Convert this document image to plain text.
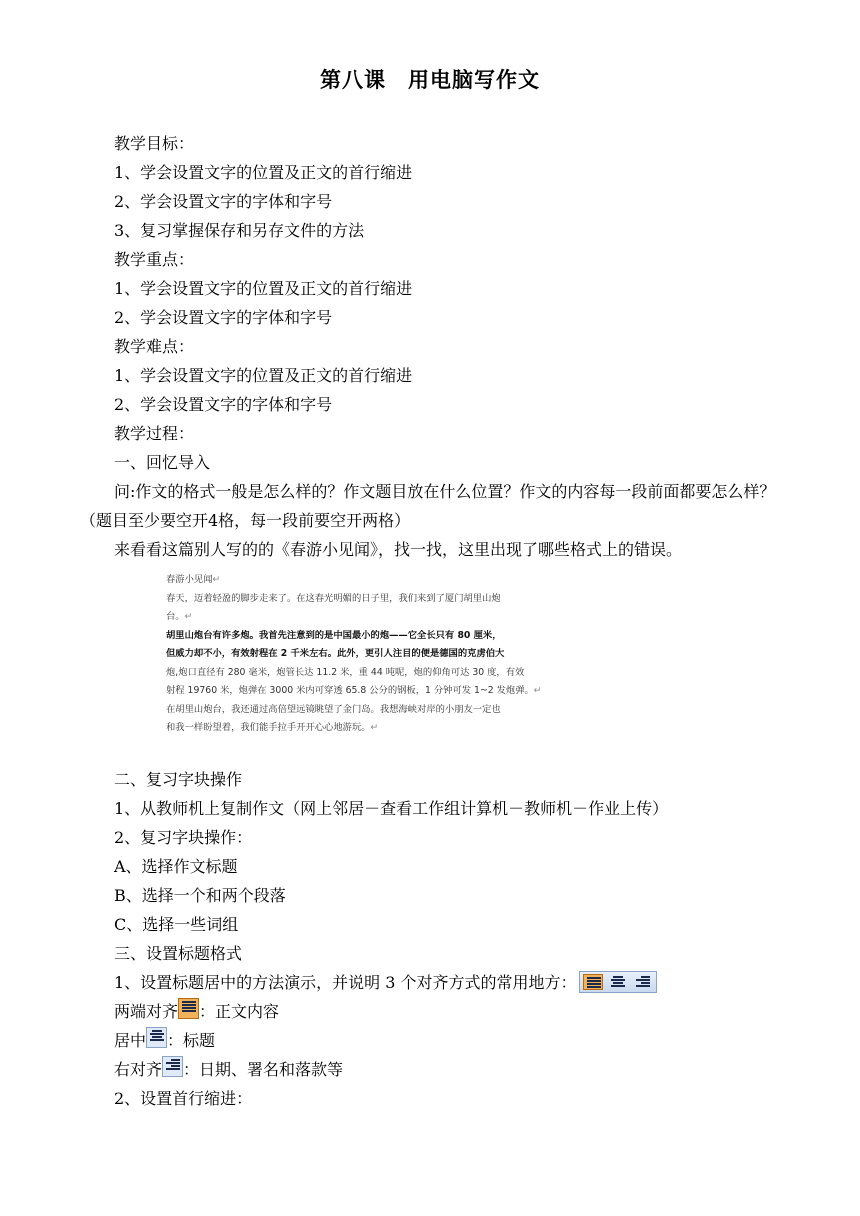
第八课　用电脑写作文
教学目标：
1、学会设置文字的位置及正文的首行缩进
2、学会设置文字的字体和字号
3、复习掌握保存和另存文件的方法
教学重点：
1、学会设置文字的位置及正文的首行缩进
2、学会设置文字的字体和字号
教学难点：
1、学会设置文字的位置及正文的首行缩进
2、学会设置文字的字体和字号
教学过程：
一、回忆导入
问:作文的格式一般是怎么样的？作文题目放在什么位置？作文的内容每一段前面都要怎么样？（题目至少要空开4格，每一段前要空开两格）
来看看这篇别人写的的《春游小见闻》，找一找，这里出现了哪些格式上的错误。
春游小见闻↵
春天，迈着轻盈的脚步走来了。在这春光明媚的日子里，我们来到了厦门胡里山炮
台。↵
胡里山炮台有许多炮。我首先注意到的是中国最小的炮——它全长只有 80 厘米，
但威力却不小，有效射程在 2 千米左右。此外，更引人注目的便是德国的克虏伯大
炮,炮口直径有 280 毫米，炮管长达 11.2 米，重 44 吨呢，炮的仰角可达 30 度，有效
射程 19760 米，炮弹在 3000 米内可穿透 65.8 公分的钢板，1 分钟可发 1~2 发炮弹。↵
在胡里山炮台，我还通过高倍望远镜眺望了金门岛。我想海峡对岸的小朋友一定也
和我一样盼望着，我们能手拉手开开心心地游玩。↵
二、复习字块操作
1、从教师机上复制作文（网上邻居－查看工作组计算机－教师机－作业上传）
2、复习字块操作：
A、选择作文标题
B、选择一个和两个段落
C、选择一些词组
三、设置标题格式
1、设置标题居中的方法演示，并说明 3 个对齐方式的常用地方：
两端对齐 ：正文内容
居中 ：标题
右对齐 ：日期、署名和落款等
2、设置首行缩进：
